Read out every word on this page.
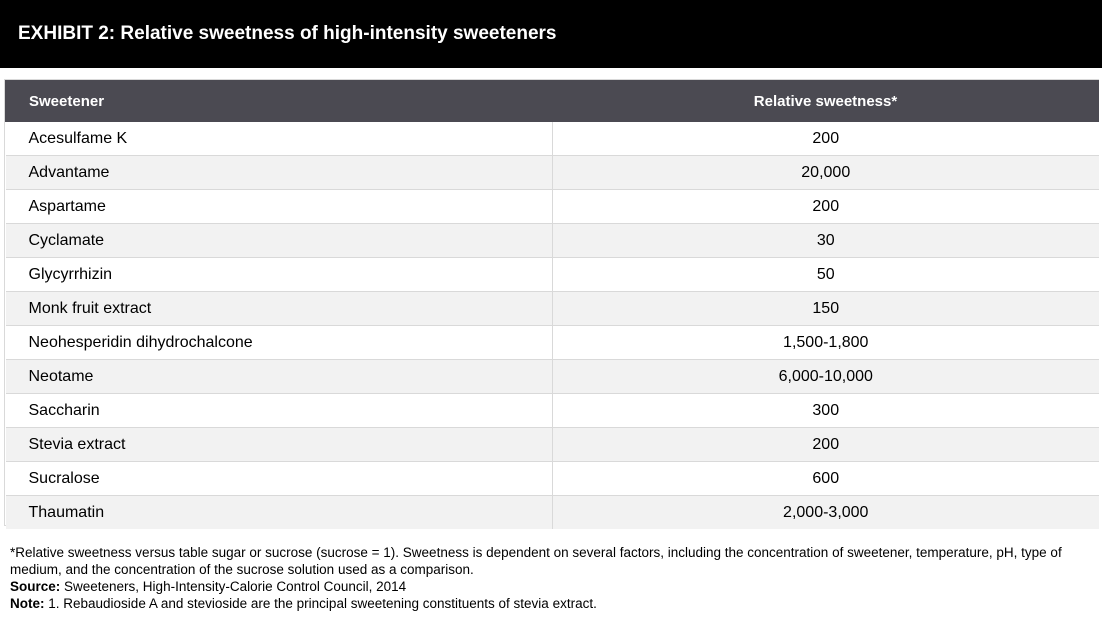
EXHIBIT 2: Relative sweetness of high-intensity sweeteners
Sweetener	Relative sweetness*
Acesulfame K	200
Advantame	20,000
Aspartame	200
Cyclamate	30
Glycyrrhizin	50
Monk fruit extract	150
Neohesperidin dihydrochalcone	1,500-1,800
Neotame	6,000-10,000
Saccharin	300
Stevia extract	200
Sucralose	600
Thaumatin	2,000-3,000

*Relative sweetness versus table sugar or sucrose (sucrose = 1). Sweetness is dependent on several factors, including the concentration of sweetener, temperature, pH, type of medium, and the concentration of the sucrose solution used as a comparison.

Source: Sweeteners, High-Intensity-Calorie Control Council, 2014

Note: 1. Rebaudioside A and stevioside are the principal sweetening constituents of stevia extract.
